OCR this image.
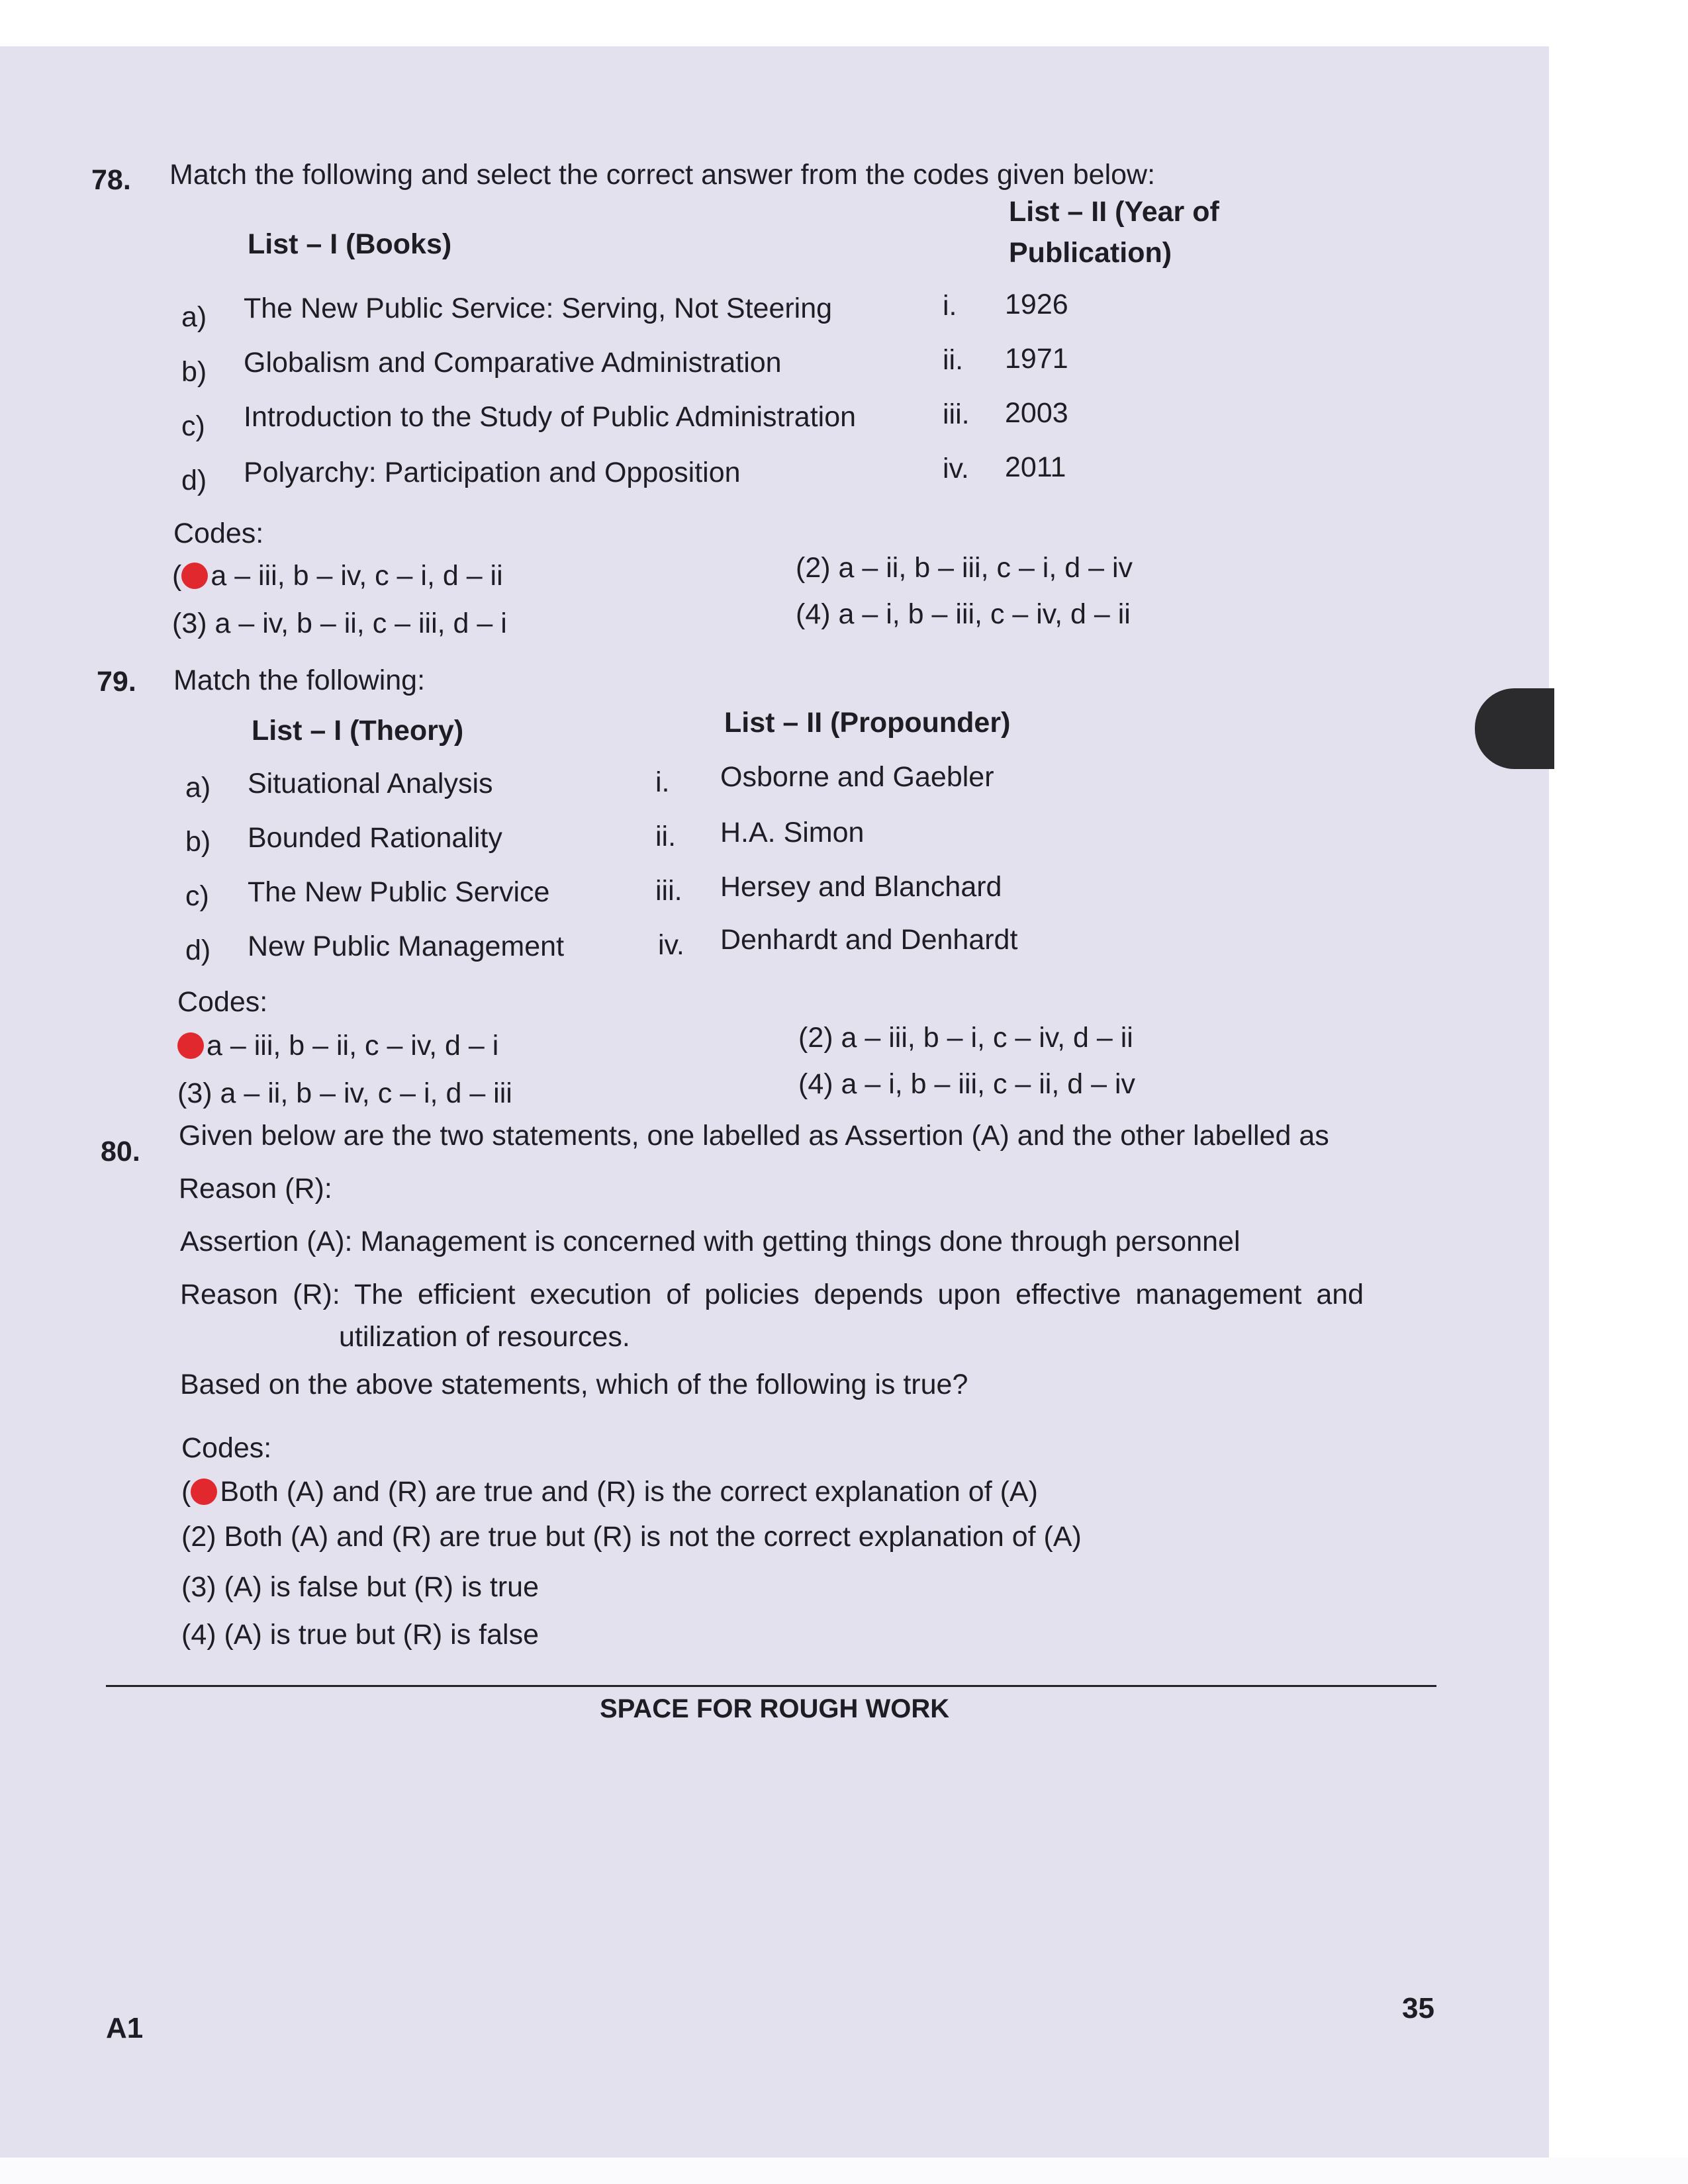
78. Match the following and select the correct answer from the codes given below:
List – I (Books)
List – II (Year of
Publication)
a) The New Public Service: Serving, Not Steering	i. 1926
b) Globalism and Comparative Administration	ii. 1971
c) Introduction to the Study of Public Administration	iii. 2003
d) Polyarchy: Participation and Opposition	iv. 2011
Codes:
( a – iii, b – iv, c – i, d – ii	(2) a – ii, b – iii, c – i, d – iv
(3) a – iv, b – ii, c – iii, d – i	(4) a – i, b – iii, c – iv, d – ii
79. Match the following:
List – I (Theory)	List – II (Propounder)
a) Situational Analysis	i. Osborne and Gaebler
b) Bounded Rationality	ii. H.A. Simon
c) The New Public Service	iii. Hersey and Blanchard
d) New Public Management	iv. Denhardt and Denhardt
Codes:
a – iii, b – ii, c – iv, d – i	(2) a – iii, b – i, c – iv, d – ii
(3) a – ii, b – iv, c – i, d – iii	(4) a – i, b – iii, c – ii, d – iv
80. Given below are the two statements, one labelled as Assertion (A) and the other labelled as
Reason (R):
Assertion (A): Management is concerned with getting things done through personnel
Reason (R): The efficient execution of policies depends upon effective management and
utilization of resources.
Based on the above statements, which of the following is true?
Codes:
( Both (A) and (R) are true and (R) is the correct explanation of (A)
(2) Both (A) and (R) are true but (R) is not the correct explanation of (A)
(3) (A) is false but (R) is true
(4) (A) is true but (R) is false
SPACE FOR ROUGH WORK
A1
35
